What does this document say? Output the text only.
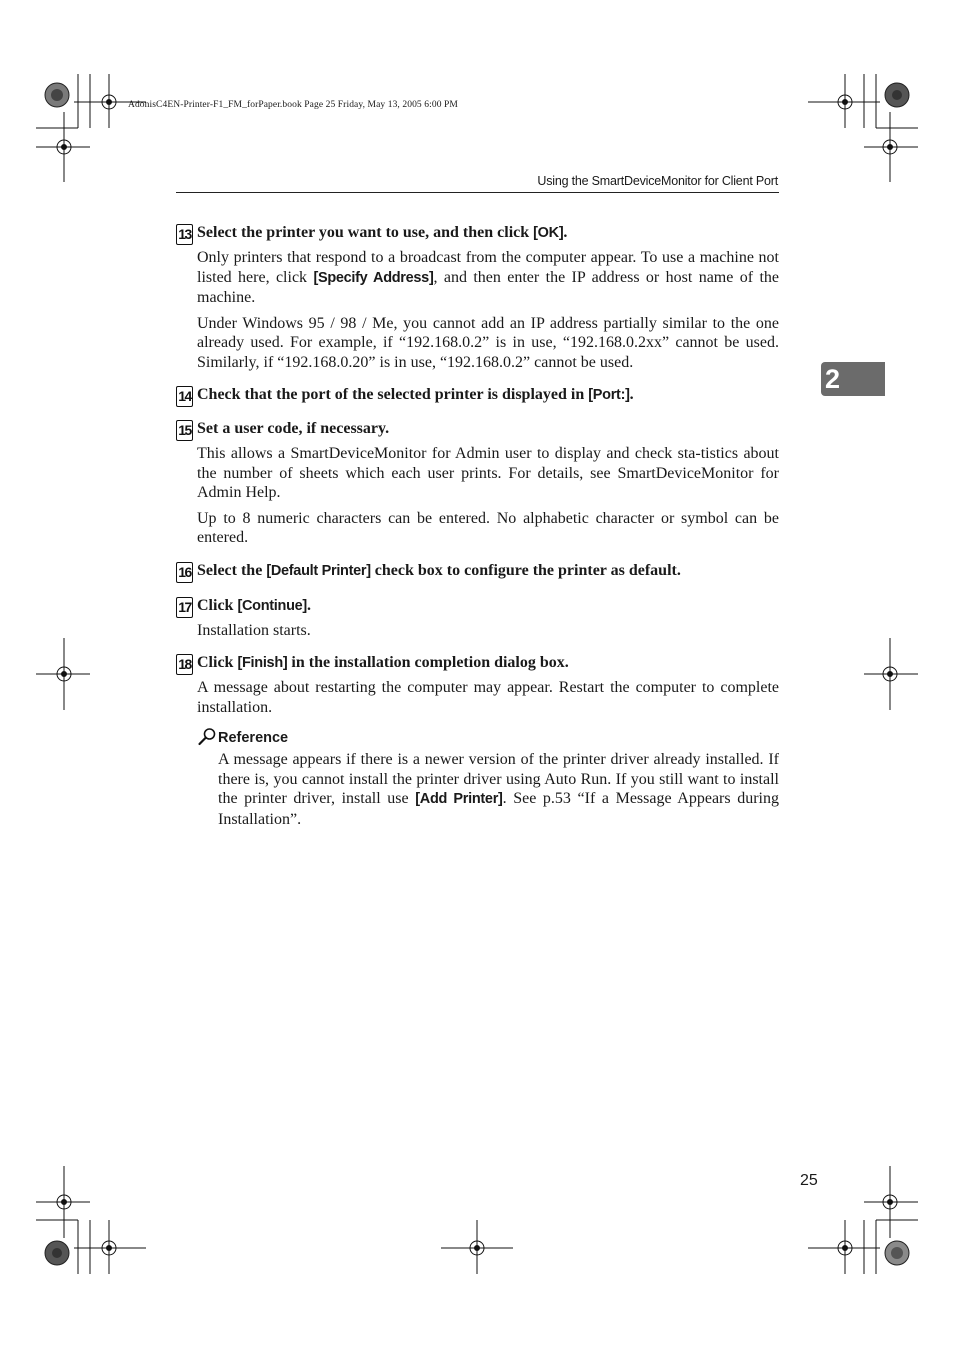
AdonisC4EN-Printer-F1_FM_forPaper.book Page 25 Friday, May 13, 2005 6:00 PM
Using the SmartDeviceMonitor for Client Port
2
13 Select the printer you want to use, and then click [OK].

Only printers that respond to a broadcast from the computer appear. To use a machine not listed here, click [Specify Address], and then enter the IP address or host name of the machine.

Under Windows 95 / 98 / Me, you cannot add an IP address partially similar to the one already used. For example, if “192.168.0.2” is in use, “192.168.0.2xx” cannot be used. Similarly, if “192.168.0.20” is in use, “192.168.0.2” cannot be used.

14 Check that the port of the selected printer is displayed in [Port:].
15 Set a user code, if necessary.

This allows a SmartDeviceMonitor for Admin user to display and check sta-tistics about the number of sheets which each user prints. For details, see SmartDeviceMonitor for Admin Help.

Up to 8 numeric characters can be entered. No alphabetic character or symbol can be entered.

16 Select the [Default Printer] check box to configure the printer as default.
17 Click [Continue].

Installation starts.

18 Click [Finish] in the installation completion dialog box.

A message about restarting the computer may appear. Restart the computer to complete installation.

Reference

A message appears if there is a newer version of the printer driver already installed. If there is, you cannot install the printer driver using Auto Run. If you still want to install the printer driver, install use [Add Printer]. See p.53 “If a Message Appears during Installation”.

25
